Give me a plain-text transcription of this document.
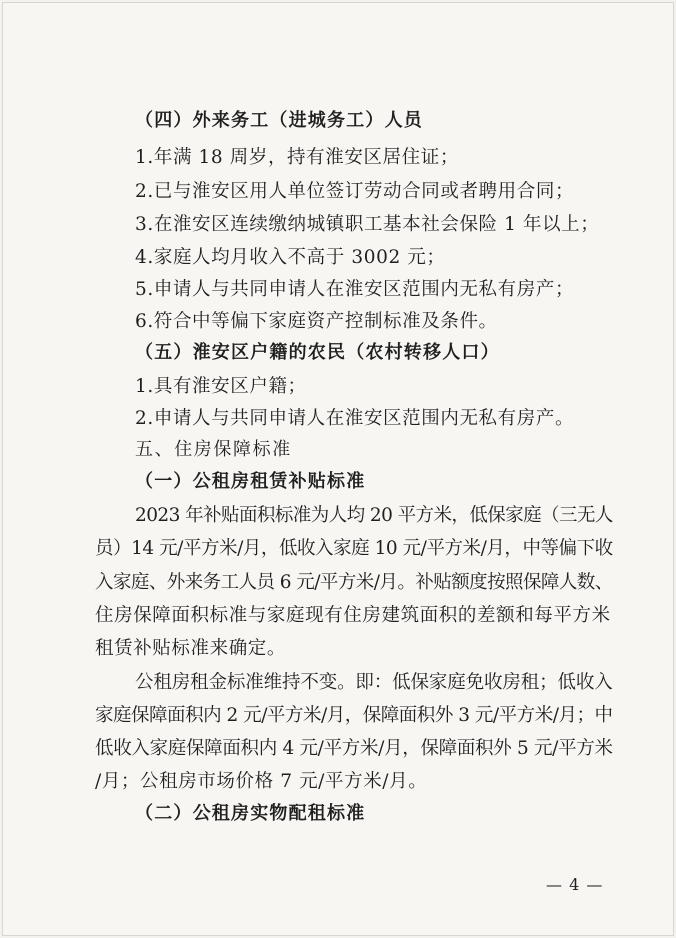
（四）外来务工（进城务工）人员
1.年满 18 周岁，持有淮安区居住证；
2.已与淮安区用人单位签订劳动合同或者聘用合同；
3.在淮安区连续缴纳城镇职工基本社会保险 1 年以上；
4.家庭人均月收入不高于 3002 元；
5.申请人与共同申请人在淮安区范围内无私有房产；
6.符合中等偏下家庭资产控制标准及条件。
（五）淮安区户籍的农民（农村转移人口）
1.具有淮安区户籍；
2.申请人与共同申请人在淮安区范围内无私有房产。
五、住房保障标准
（一）公租房租赁补贴标准
2023 年补贴面积标准为人均 20 平方米，低保家庭（三无人
员）14 元/平方米/月，低收入家庭 10 元/平方米/月，中等偏下收
入家庭、外来务工人员 6 元/平方米/月。补贴额度按照保障人数、
住房保障面积标准与家庭现有住房建筑面积的差额和每平方米
租赁补贴标准来确定。
公租房租金标准维持不变。即：低保家庭免收房租；低收入
家庭保障面积内 2 元/平方米/月，保障面积外 3 元/平方米/月；中
低收入家庭保障面积内 4 元/平方米/月，保障面积外 5 元/平方米
/月；公租房市场价格 7 元/平方米/月。
（二）公租房实物配租标准
— 4 —
